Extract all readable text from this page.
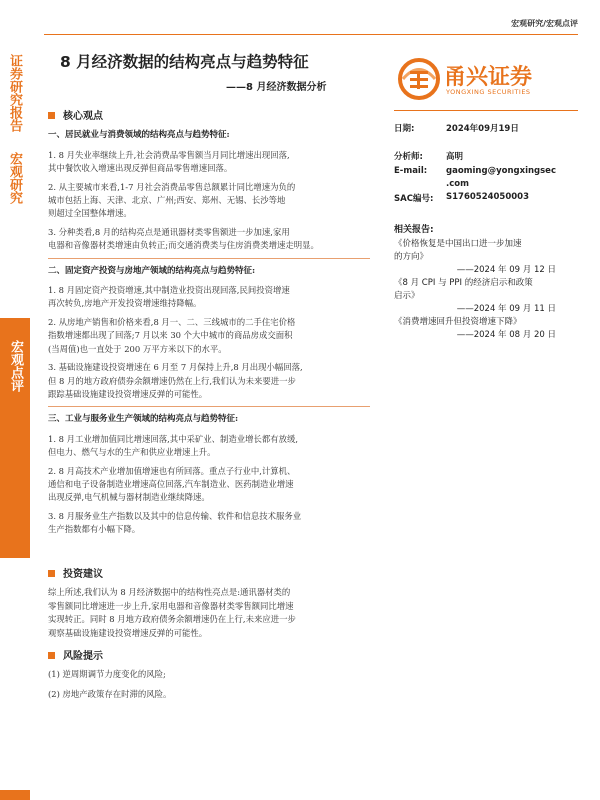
证券研究报告
宏观研究
宏观点评
宏观研究/宏观点评
8 月经济数据的结构亮点与趋势特征
——8 月经济数据分析	甬兴证券
YONGXING SECURITIES
日期:	2024年09月19日
分析师:	高明
E-mail: gaoming@yongxingsec
.com
SAC编号: S1760524050003
相关报告:
《价格恢复是中国出口进一步加速
的方向》
——2024 年 09 月 12 日
《8 月 CPI 与 PPI 的经济启示和政策
启示》
——2024 年 09 月 11 日
《消费增速回升但投资增速下降》
——2024 年 08 月 20 日
核心观点
一、居民就业与消费领域的结构亮点与趋势特征:

1. 8 月失业率继续上升,社会消费品零售额当月同比增速出现回落,

其中餐饮收入增速出现反弹但商品零售增速回落。

2. 从主要城市来看,1-7 月社会消费品零售总额累计同比增速为负的

城市包括上海、天津、北京、广州;西安、郑州、无锡、长沙等地

则超过全国整体增速。

3. 分种类看,8 月的结构亮点是通讯器材类零售额进一步加速,家用

电器和音像器材类增速由负转正;而交通消费类与住房消费类增速走明显。

二、固定资产投资与房地产领域的结构亮点与趋势特征:

1. 8 月固定资产投资增速,其中制造业投资出现回落,民间投资增速

再次转负,房地产开发投资增速维持降幅。

2. 从房地产销售和价格来看,8 月一、二、三线城市的二手住宅价格

指数增速都出现了回落;7 月以来 30 个大中城市的商品房成交面积

(当周值)也一直处于 200 万平方米以下的水平。

3. 基础设施建设投资增速在 6 月至 7 月保持上升,8 月出现小幅回落,

但 8 月的地方政府债券余额增速仍然在上行,我们认为未来要进一步

跟踪基础设施建设投资增速反弹的可能性。

三、工业与服务业生产领域的结构亮点与趋势特征:

1. 8 月工业增加值同比增速回落,其中采矿业、制造业增长都有放缓,

但电力、燃气与水的生产和供应业增速上升。

2. 8 月高技术产业增加值增速也有所回落。重点子行业中,计算机、

通信和电子设备制造业增速高位回落,汽车制造业、医药制造业增速

出现反弹,电气机械与器材制造业继续降速。

3. 8 月服务业生产指数以及其中的信息传输、软件和信息技术服务业

生产指数都有小幅下降。

投资建议

综上所述,我们认为 8 月经济数据中的结构性亮点是:通讯器材类的

零售额同比增速进一步上升,家用电器和音像器材类零售额同比增速

实现转正。同时 8 月地方政府债务余额增速仍在上行,未来应进一步

观察基础设施建设投资增速反弹的可能性。

风险提示

(1) 逆周期调节力度变化的风险;

(2) 房地产政策存在时滞的风险。
